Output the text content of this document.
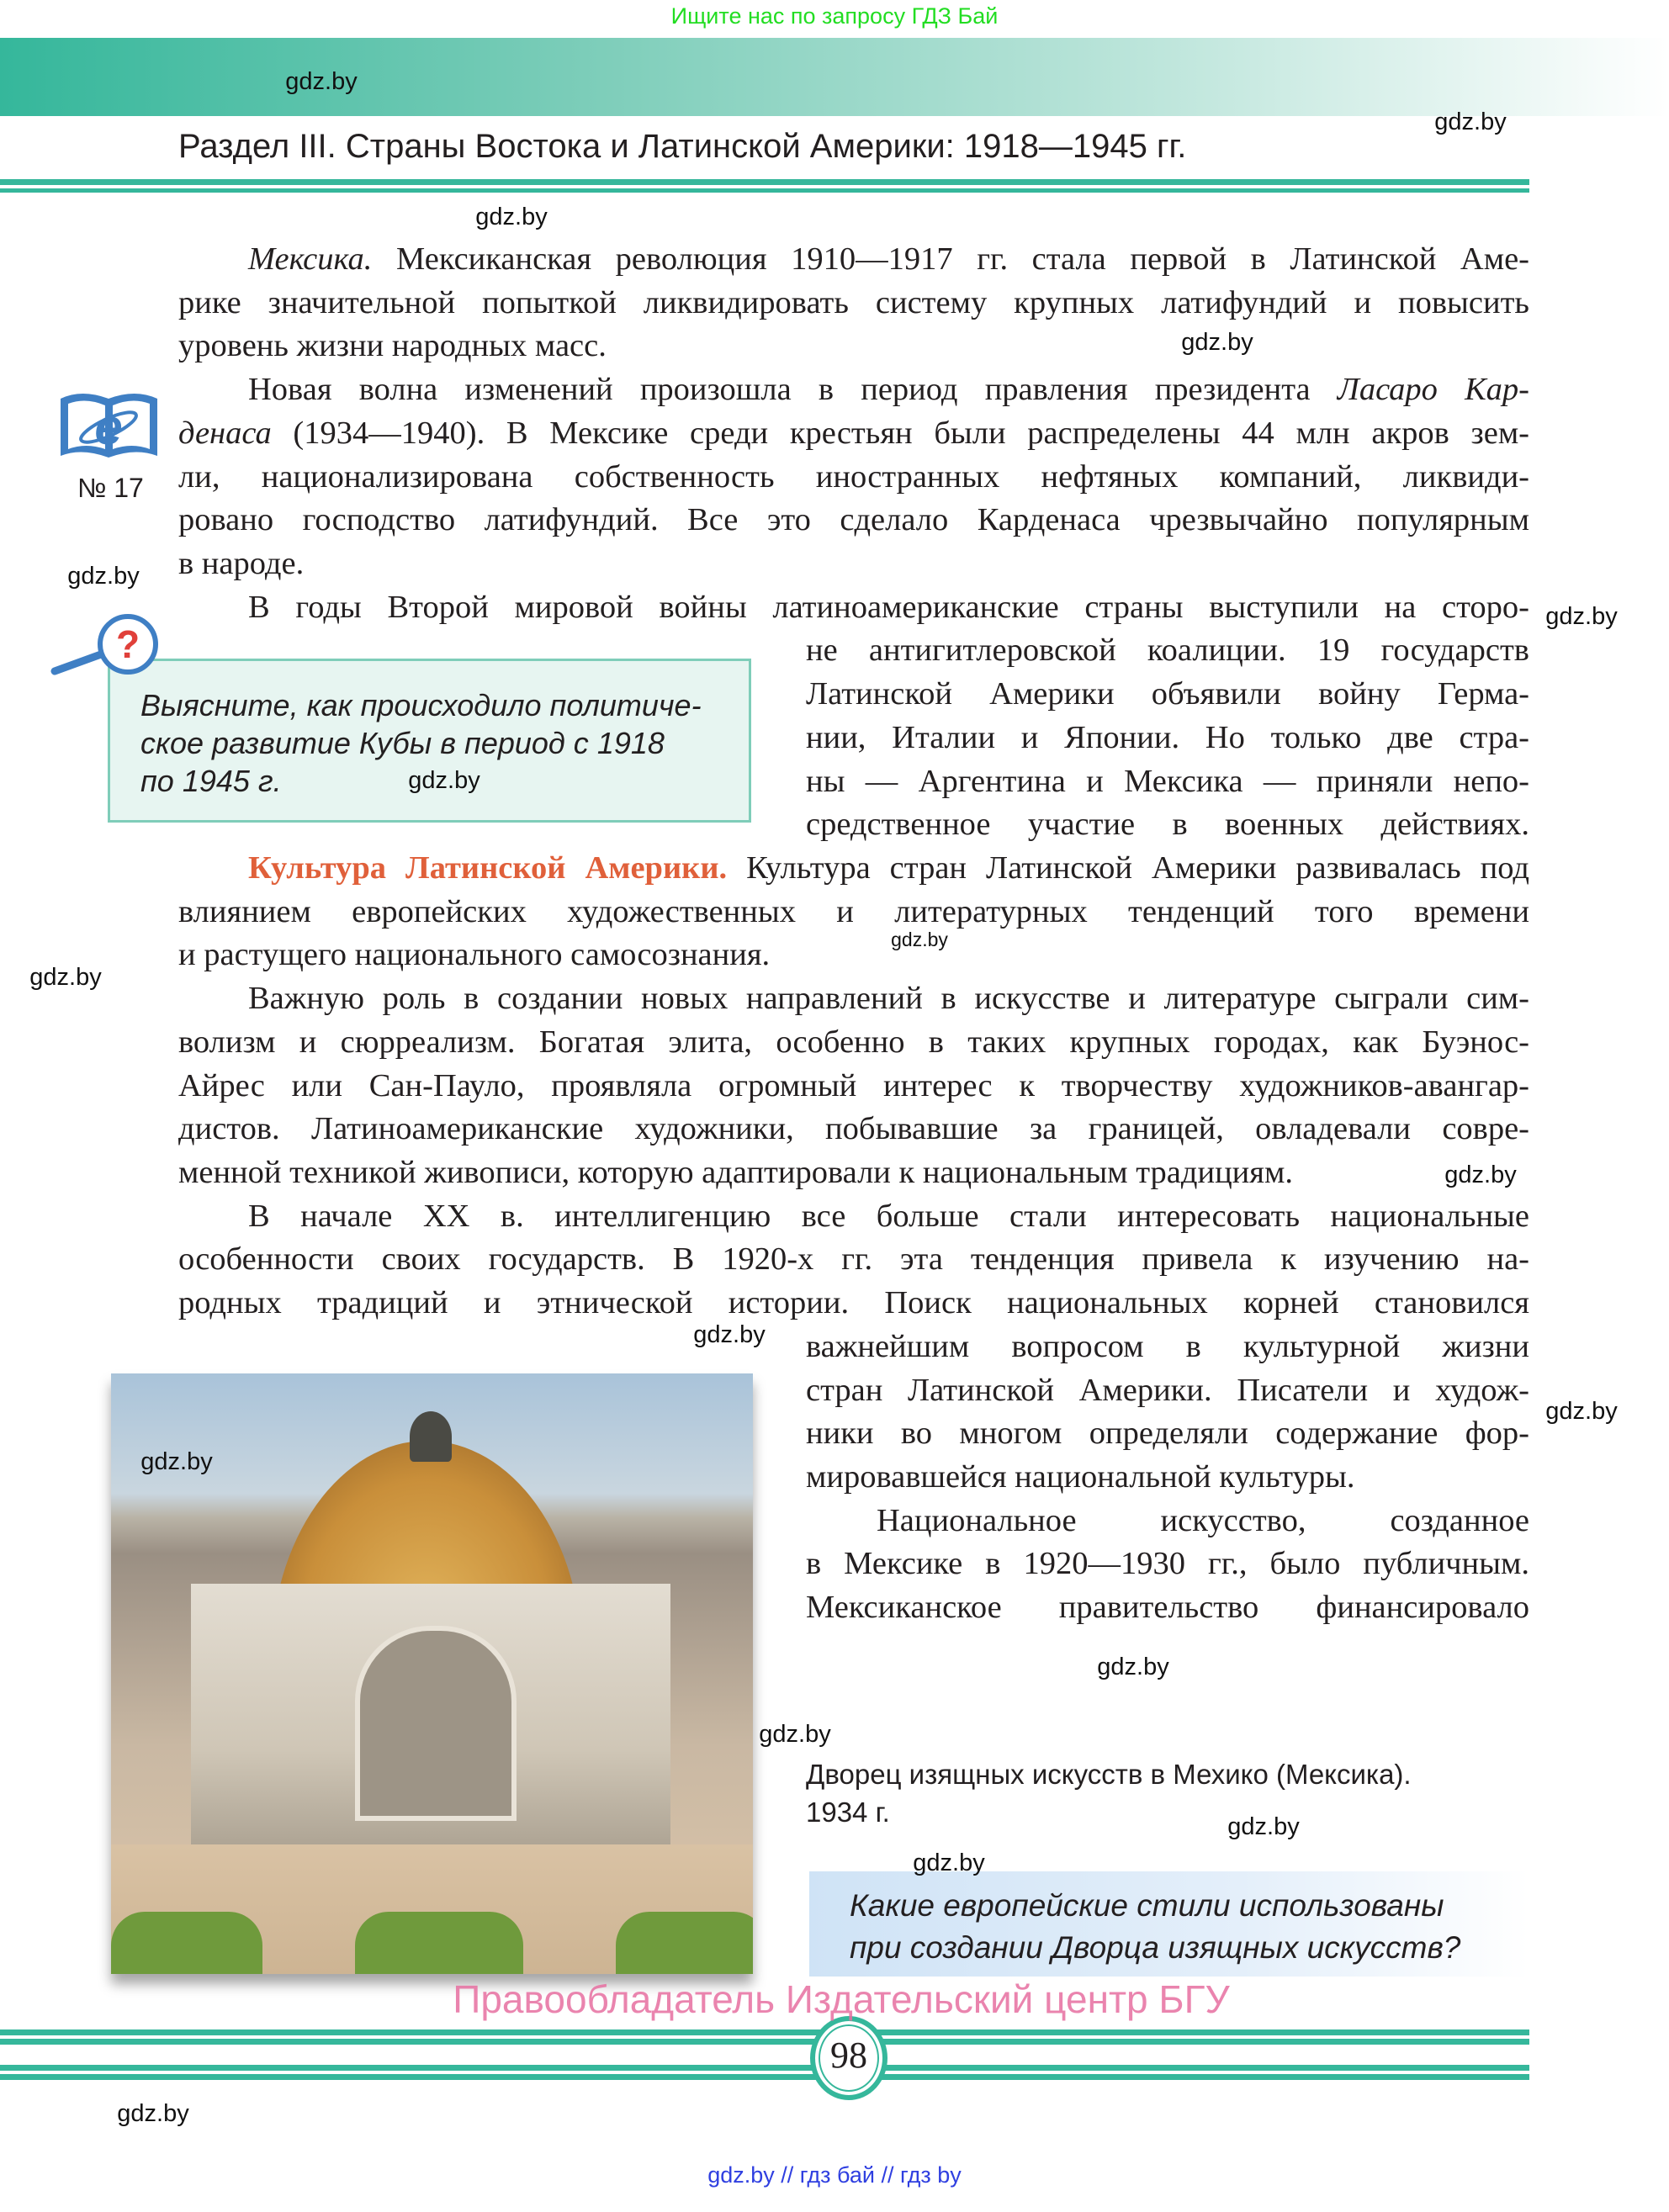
Ищите нас по запросу ГДЗ Бай
Раздел III. Страны Востока и Латинской Америки: 1918—1945 гг.
e
№ 17
Мексика. Мексиканская революция 1910—1917 гг. стала первой в Латинской Аме-
рике значительной попыткой ликвидировать систему крупных латифундий и повысить
уровень жизни народных масс.
Новая волна изменений произошла в период правления президента Ласаро Кар-
денаса (1934—1940). В Мексике среди крестьян были распределены 44 млн акров зем-
ли, национализирована собственность иностранных нефтяных компаний, ликвиди-
ровано господство латифундий. Все это сделало Карденаса чрезвычайно популярным
в народе.
В годы Второй мировой войны латиноамериканские страны выступили на сторо-
не антигитлеровской коалиции. 19 государств
Латинской Америки объявили войну Герма-
нии, Италии и Японии. Но только две стра-
ны — Аргентина и Мексика — приняли непо-
средственное участие в военных действиях.
Культура Латинской Америки. Культура стран Латинской Америки развивалась под
влиянием европейских художественных и литературных тенденций того времени
и растущего национального самосознания.
Важную роль в создании новых направлений в искусстве и литературе сыграли сим-
волизм и сюрреализм. Богатая элита, особенно в таких крупных городах, как Буэнос-
Айрес или Сан-Пауло, проявляла огромный интерес к творчеству художников-авангар-
дистов. Латиноамериканские художники, побывавшие за границей, овладевали совре-
менной техникой живописи, которую адаптировали к национальным традициям.
В начале XX в. интеллигенцию все больше стали интересовать национальные
особенности своих государств. В 1920-х гг. эта тенденция привела к изучению на-
родных традиций и этнической истории. Поиск национальных корней становился
важнейшим вопросом в культурной жизни
стран Латинской Америки. Писатели и худож-
ники во многом определяли содержание фор-
мировавшейся национальной культуры.
Национальное искусство, созданное
в Мексике в 1920—1930 гг., было публичным.
Мексиканское правительство финансировало
?
Выясните, как происходило политиче-
ское развитие Кубы в период с 1918
по 1945 г.
Дворец изящных искусств в Мехико (Мексика).
1934 г.
Какие европейские стили использованы
при создании Дворца изящных искусств?
98
Правообладатель Издательский центр БГУ
gdz.by // гдз бай // гдз by
gdz.by
gdz.by
gdz.by
gdz.by
gdz.by
gdz.by
gdz.by
gdz.by
gdz.by
gdz.by
gdz.by
gdz.by
gdz.by
gdz.by
gdz.by
gdz.by
gdz.by
gdz.by
